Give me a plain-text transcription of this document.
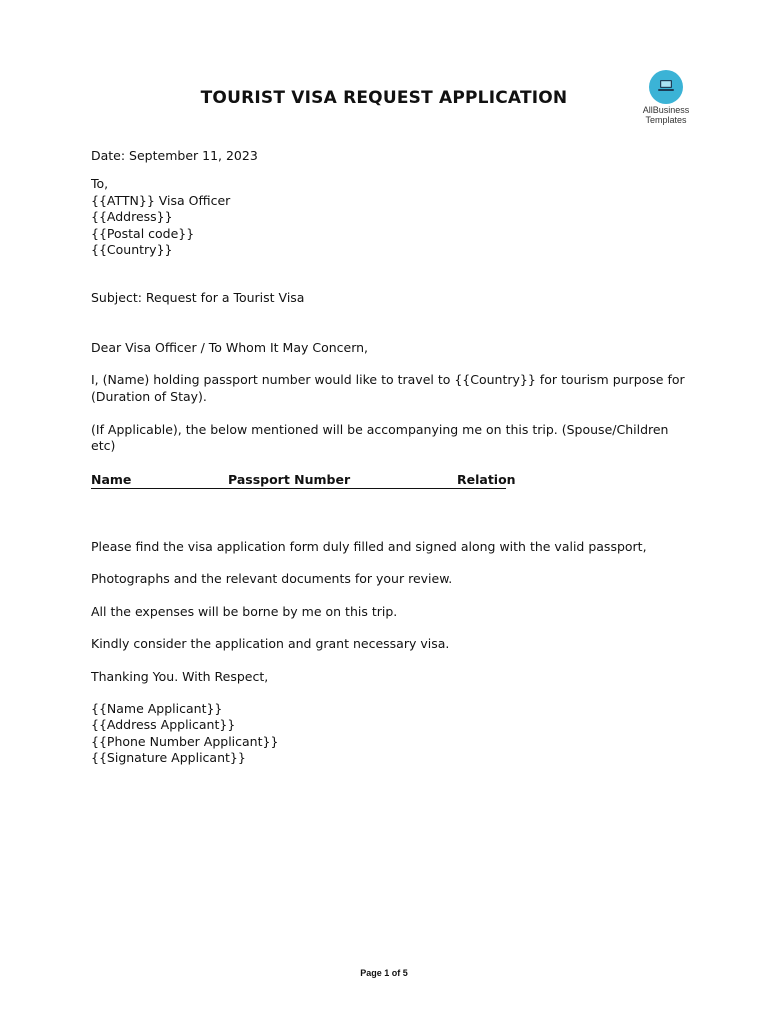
AllBusiness
Templates
TOURIST VISA REQUEST APPLICATION
Date: September 11, 2023
To,
{{ATTN}} Visa Officer
{{Address}}
{{Postal code}}
{{Country}}
Subject: Request for a Tourist Visa
Dear Visa Officer / To Whom It May Concern,
I, (Name) holding passport number would like to travel to {{Country}} for tourism purpose for
(Duration of Stay).
(If Applicable), the below mentioned will be accompanying me on this trip. (Spouse/Children
etc)
Name	Passport Number	Relation
Please find the visa application form duly filled and signed along with the valid passport,
Photographs and the relevant documents for your review.
All the expenses will be borne by me on this trip.
Kindly consider the application and grant necessary visa.
Thanking You. With Respect,
{{Name Applicant}}
{{Address Applicant}}
{{Phone Number Applicant}}
{{Signature Applicant}}
Page 1 of 5
